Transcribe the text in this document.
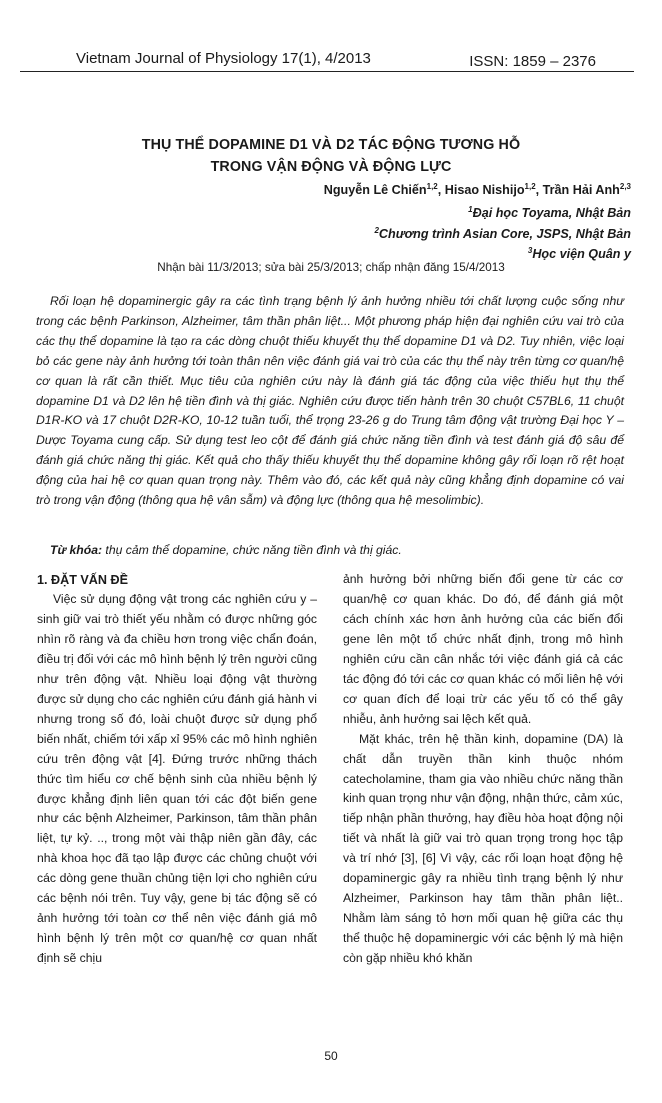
Vietnam Journal of Physiology 17(1), 4/2013	ISSN: 1859 – 2376
THỤ THỂ DOPAMINE D1 VÀ D2 TÁC ĐỘNG TƯƠNG HỖ
TRONG VẬN ĐỘNG VÀ ĐỘNG LỰC
Nguyễn Lê Chiến$^{1,2}$, Hisao Nishijo$^{1,2}$, Trần Hải Anh$^{2,3}$
$^1$Đại học Toyama, Nhật Bản
$^2$Chương trình Asian Core, JSPS, Nhật Bản
$^3$Học viện Quân y
Nhận bài 11/3/2013; sửa bài 25/3/2013; chấp nhận đăng 15/4/2013

Rối loạn hệ dopaminergic gây ra các tình trạng bệnh lý ảnh hưởng nhiều tới chất lượng cuộc sống như trong các bệnh Parkinson, Alzheimer, tâm thần phân liệt... Một phương pháp hiện đại nghiên cứu vai trò của các thụ thể dopamine là tạo ra các dòng chuột thiếu khuyết thụ thể dopamine D1 và D2. Tuy nhiên, việc loại bỏ các gene này ảnh hưởng tới toàn thân nên việc đánh giá vai trò của các thụ thể này trên từng cơ quan/hệ cơ quan là rất cần thiết. Mục tiêu của nghiên cứu này là đánh giá tác động của việc thiếu hụt thụ thể dopamine D1 và D2 lên hệ tiền đình và thị giác. Nghiên cứu được tiến hành trên 30 chuột C57BL6, 11 chuột D1R-KO và 17 chuột D2R-KO, 10-12 tuần tuổi, thể trọng 23-26 g do Trung tâm động vật trường Đại học Y – Dược Toyama cung cấp. Sử dụng test leo cột để đánh giá chức năng tiền đình và test đánh giá độ sâu để đánh giá chức năng thị giác. Kết quả cho thấy thiếu khuyết thụ thể dopamine không gây rối loạn rõ rệt hoạt động của hai hệ cơ quan quan trọng này. Thêm vào đó, các kết quả này cũng khẳng định dopamine có vai trò trong vận động (thông qua hệ vân sẫm) và động lực (thông qua hệ mesolimbic).

Từ khóa: thụ cảm thể dopamine, chức năng tiền đình và thị giác.

1. ĐẶT VẤN ĐỀ

Việc sử dụng động vật trong các nghiên cứu y – sinh giữ vai trò thiết yếu nhằm có được những góc nhìn rõ ràng và đa chiều hơn trong việc chẩn đoán, điều trị đối với các mô hình bệnh lý trên người cũng như trên động vật. Nhiều loại động vật thường được sử dụng cho các nghiên cứu đánh giá hành vi nhưng trong số đó, loài chuột được sử dụng phổ biến nhất, chiếm tới xấp xỉ 95% các mô hình nghiên cứu trên động vật [4]. Đứng trước những thách thức tìm hiểu cơ chế bệnh sinh của nhiều bệnh lý được khẳng định liên quan tới các đột biến gene như các bệnh Alzheimer, Parkinson, tâm thần phân liệt, tự kỷ. .., trong một vài thập niên gần đây, các nhà khoa học đã tạo lập được các chủng chuột với các dòng gene thuần chủng tiện lợi cho nghiên cứu các bệnh nói trên. Tuy vậy, gene bị tác động sẽ có ảnh hưởng tới toàn cơ thể nên việc đánh giá mô hình bệnh lý trên một cơ quan/hệ cơ quan nhất định sẽ chịu

ảnh hưởng bởi những biến đổi gene từ các cơ quan/hệ cơ quan khác. Do đó, để đánh giá một cách chính xác hơn ảnh hưởng của các biến đổi gene lên một tổ chức nhất định, trong mô hình nghiên cứu cần cân nhắc tới việc đánh giá cả các tác động đó tới các cơ quan khác có mối liên hệ với cơ quan đích để loại trừ các yếu tố có thể gây nhiễu, ảnh hưởng sai lệch kết quả.

Mặt khác, trên hệ thần kinh, dopamine (DA) là chất dẫn truyền thần kinh thuộc nhóm catecholamine, tham gia vào nhiều chức năng thần kinh quan trọng như vận động, nhận thức, cảm xúc, tiếp nhận phần thưởng, hay điều hòa hoạt động nội tiết và nhất là giữ vai trò quan trọng trong học tập và trí nhớ [3], [6] Vì vậy, các rối loạn hoạt động hệ dopaminergic gây ra nhiều tình trạng bệnh lý như Alzheimer, Parkinson hay tâm thần phân liệt.. Nhằm làm sáng tỏ hơn mối quan hệ giữa các thụ thể thuộc hệ dopaminergic với các bệnh lý mà hiện còn gặp nhiều khó khăn

50
